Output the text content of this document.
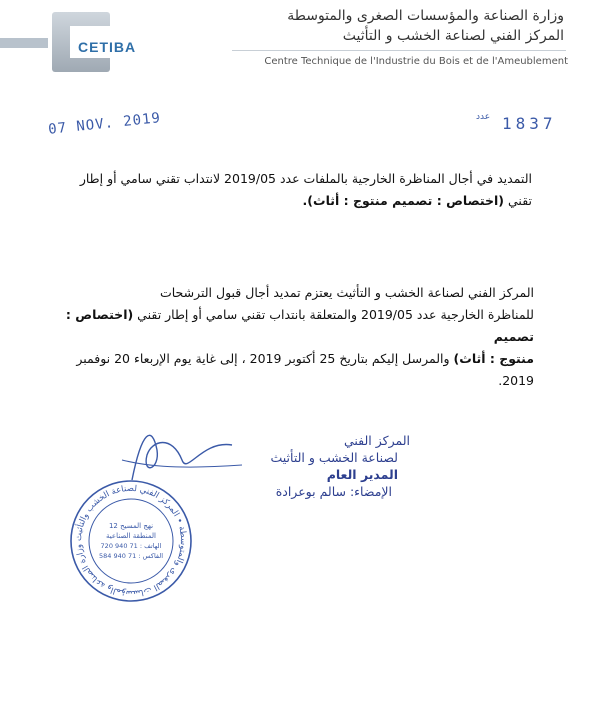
CETIBA
وزارة الصناعة والمؤسسات الصغرى والمتوسطة
المركز الفني لصناعة الخشب و التأثيث
Centre Technique de l'Industrie du Bois et de l'Ameublement
07 NOV. 2019	عدد 1837
التمديد في أجال المناظرة الخارجية بالملفات عدد 2019/05 لانتداب تقني سامي أو إطار
تقني (اختصاص : تصميم منتوج : أثاث).
المركز الفني لصناعة الخشب و التأثيث يعتزم تمديد أجال قبول الترشحات
للمناظرة الخارجية عدد 2019/05 والمتعلقة بانتداب تقني سامي أو إطار تقني (اختصاص : تصميم
منتوج : أثاث) والمرسل إليكم بتاريخ 25 أكتوبر 2019 ، إلى غاية يوم الإربعاء 20 نوفمبر 2019.
المركز الفني
لصناعة الخشب و التأثيث
المدير العام
الإمضاء: سالم بوعرادة
وزارة الصناعة والمؤسسات الصغرى والمتوسطة • المركز الفني لصناعة الخشب والتأثيث
12 نهج المسيح
المنطقة الصناعية
الهاتف : 71 940 720
الفاكس : 71 940 584
